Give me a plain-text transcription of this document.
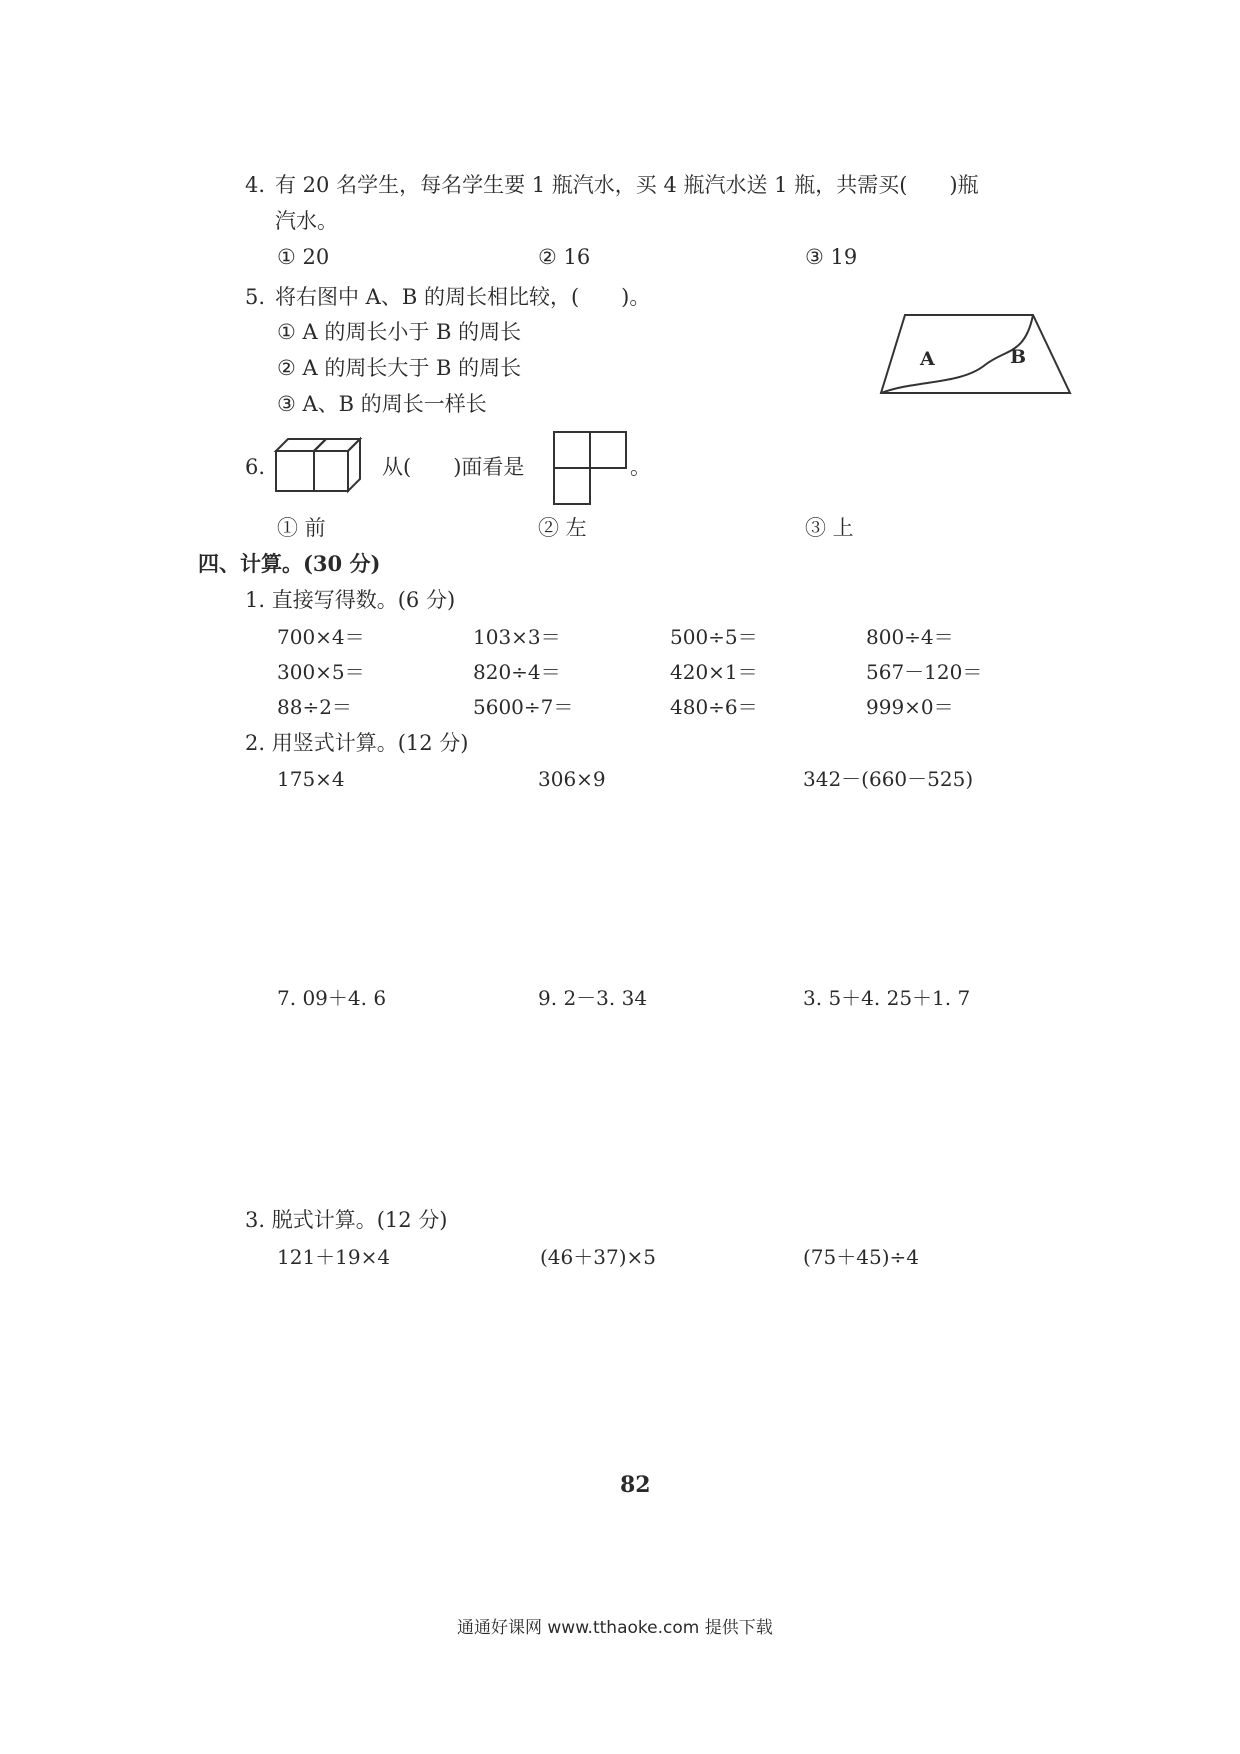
4. 有 20 名学生，每名学生要 1 瓶汽水，买 4 瓶汽水送 1 瓶，共需买(　　)瓶
汽水。
① 20	② 16	③ 19
5. 将右图中 A、B 的周长相比较，(　　)。
① A 的周长小于 B 的周长
② A 的周长大于 B 的周长
③ A、B 的周长一样长
A	B
6.	从(　　)面看是	。
① 前	② 左	③ 上
四、计算。(30 分)
1. 直接写得数。(6 分)
700×4＝	103×3＝	500÷5＝	800÷4＝
300×5＝	820÷4＝	420×1＝	567－120＝
88÷2＝	5600÷7＝	480÷6＝	999×0＝
2. 用竖式计算。(12 分)
175×4	306×9	342－(660－525)
7. 09＋4. 6	9. 2－3. 34	3. 5＋4. 25＋1. 7
3. 脱式计算。(12 分)
121＋19×4	(46＋37)×5	(75＋45)÷4
82
通通好课网 www.tthaoke.com 提供下载
